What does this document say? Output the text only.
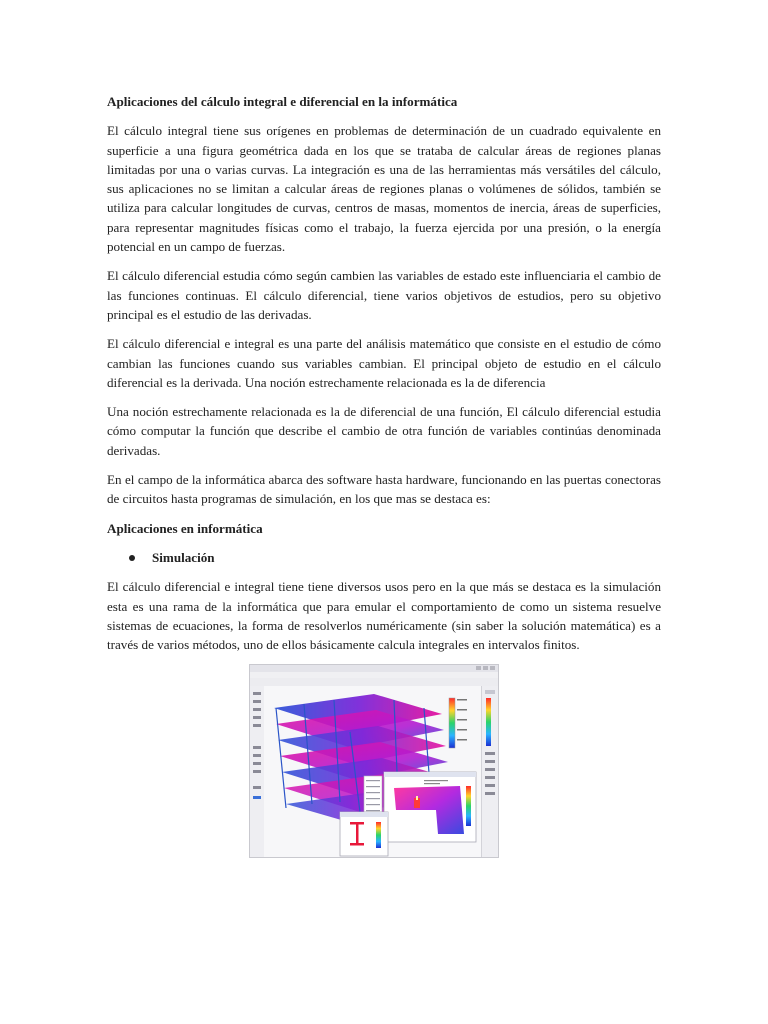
Aplicaciones del cálculo integral e diferencial en la informática

El cálculo integral tiene sus orígenes en problemas de determinación de un cuadrado equivalente en superficie a una figura geométrica dada en los que se trataba de calcular áreas de regiones planas limitadas por una o varias curvas. La integración es una de las herramientas más versátiles del cálculo, sus aplicaciones no se limitan a calcular áreas de regiones planas o volúmenes de sólidos, también se utiliza para calcular longitudes de curvas, centros de masas, momentos de inercia, áreas de superficies, para representar magnitudes físicas como el trabajo, la fuerza ejercida por una presión, o la energía potencial en un campo de fuerzas.

El cálculo diferencial estudia cómo según cambien las variables de estado este influenciaria el cambio de las funciones continuas. El cálculo diferencial, tiene varios objetivos de estudios, pero su objetivo principal es el estudio de las derivadas.

El cálculo diferencial e integral es una parte del análisis matemático que consiste en el estudio de cómo cambian las funciones cuando sus variables cambian. El principal objeto de estudio en el cálculo diferencial es la derivada. Una noción estrechamente relacionada es la de diferencia

Una noción estrechamente relacionada es la de diferencial de una función, El cálculo diferencial estudia cómo computar la función que describe el cambio de otra función de variables continúas denominada derivadas.

En el campo de la informática abarca des software hasta hardware, funcionando en las puertas conectoras de circuitos hasta programas de simulación, en los que mas se destaca es:

Aplicaciones en informática
Simulación

El cálculo diferencial e integral tiene tiene diversos usos pero en la que más se destaca es la simulación esta es una rama de la informática que para emular el comportamiento de como un sistema resuelve sistemas de ecuaciones, la forma de resolverlos numéricamente (sin saber la solución matemática) es a través de varios métodos, uno de ellos básicamente calcula integrales en intervalos finitos.
